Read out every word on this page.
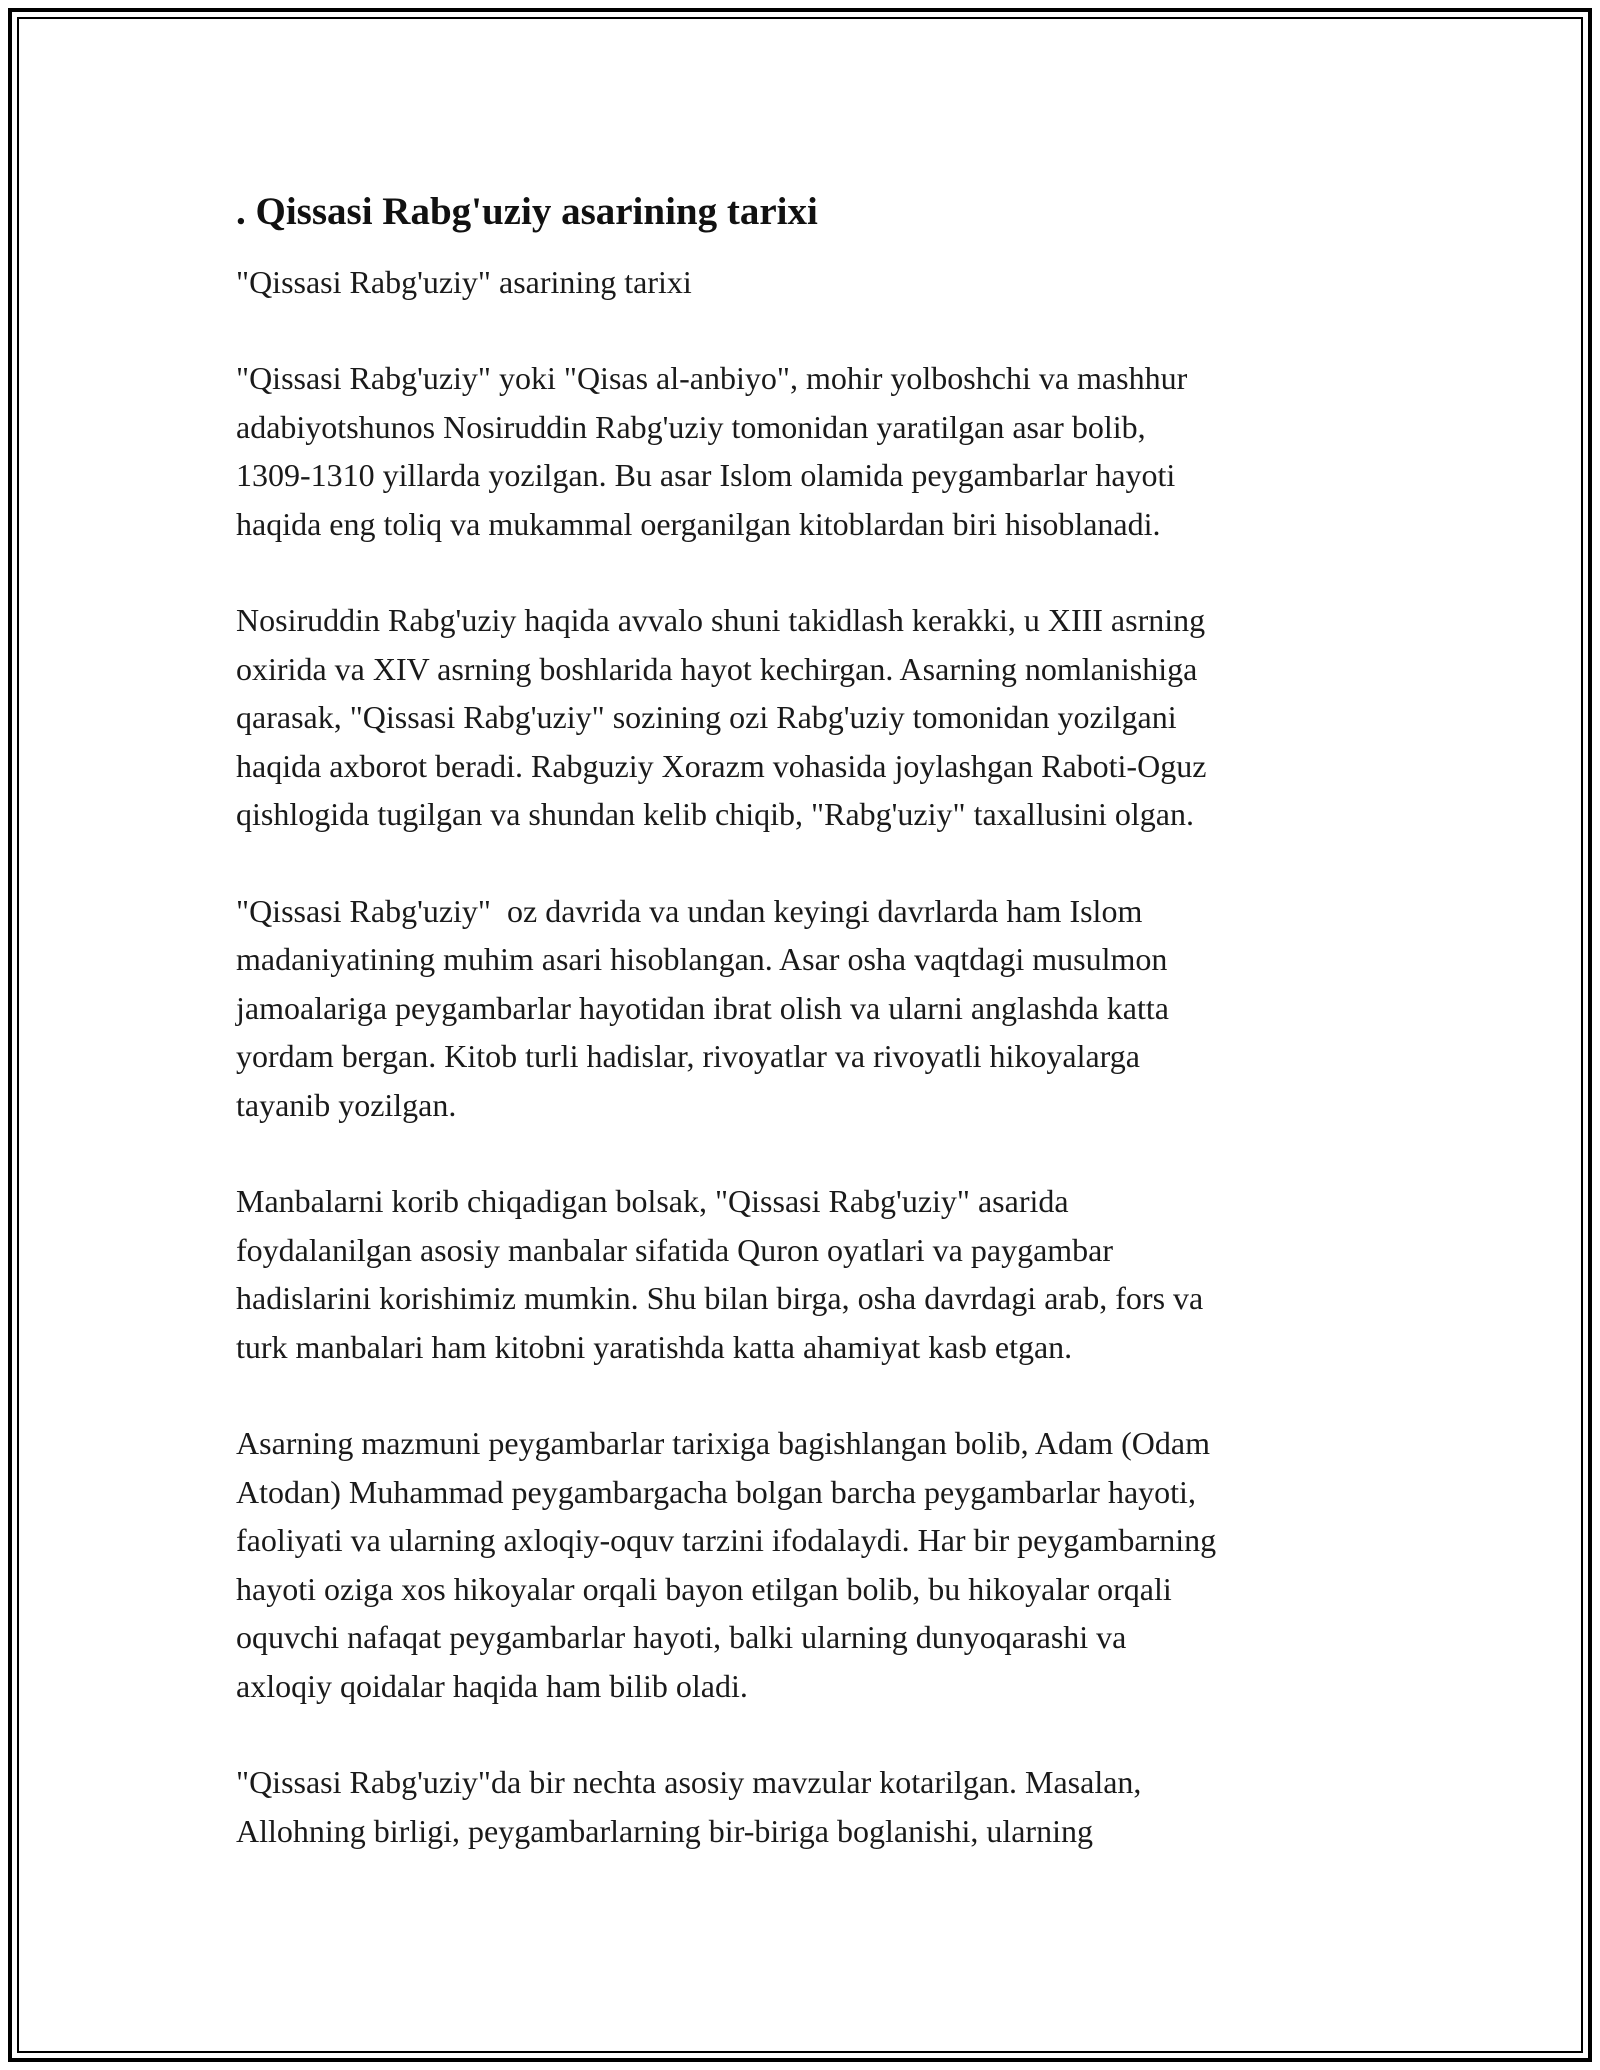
. Qissasi Rabg'uziy asarining tarixi
"Qissasi Rabg'uziy" asarining tarixi
"Qissasi Rabg'uziy" yoki "Qisas al-anbiyo", mohir yolboshchi va mashhur
adabiyotshunos Nosiruddin Rabg'uziy tomonidan yaratilgan asar bolib,
1309-1310 yillarda yozilgan. Bu asar Islom olamida peygambarlar hayoti
haqida eng toliq va mukammal oerganilgan kitoblardan biri hisoblanadi.
Nosiruddin Rabg'uziy haqida avvalo shuni takidlash kerakki, u XIII asrning
oxirida va XIV asrning boshlarida hayot kechirgan. Asarning nomlanishiga
qarasak, "Qissasi Rabg'uziy" sozining ozi Rabg'uziy tomonidan yozilgani
haqida axborot beradi. Rabguziy Xorazm vohasida joylashgan Raboti-Oguz
qishlogida tugilgan va shundan kelib chiqib, "Rabg'uziy" taxallusini olgan.
"Qissasi Rabg'uziy"  oz davrida va undan keyingi davrlarda ham Islom
madaniyatining muhim asari hisoblangan. Asar osha vaqtdagi musulmon
jamoalariga peygambarlar hayotidan ibrat olish va ularni anglashda katta
yordam bergan. Kitob turli hadislar, rivoyatlar va rivoyatli hikoyalarga
tayanib yozilgan.
Manbalarni korib chiqadigan bolsak, "Qissasi Rabg'uziy" asarida
foydalanilgan asosiy manbalar sifatida Quron oyatlari va paygambar
hadislarini korishimiz mumkin. Shu bilan birga, osha davrdagi arab, fors va
turk manbalari ham kitobni yaratishda katta ahamiyat kasb etgan.
Asarning mazmuni peygambarlar tarixiga bagishlangan bolib, Adam (Odam
Atodan) Muhammad peygambargacha bolgan barcha peygambarlar hayoti,
faoliyati va ularning axloqiy-oquv tarzini ifodalaydi. Har bir peygambarning
hayoti oziga xos hikoyalar orqali bayon etilgan bolib, bu hikoyalar orqali
oquvchi nafaqat peygambarlar hayoti, balki ularning dunyoqarashi va
axloqiy qoidalar haqida ham bilib oladi.
"Qissasi Rabg'uziy"da bir nechta asosiy mavzular kotarilgan. Masalan,
Allohning birligi, peygambarlarning bir-biriga boglanishi, ularning
